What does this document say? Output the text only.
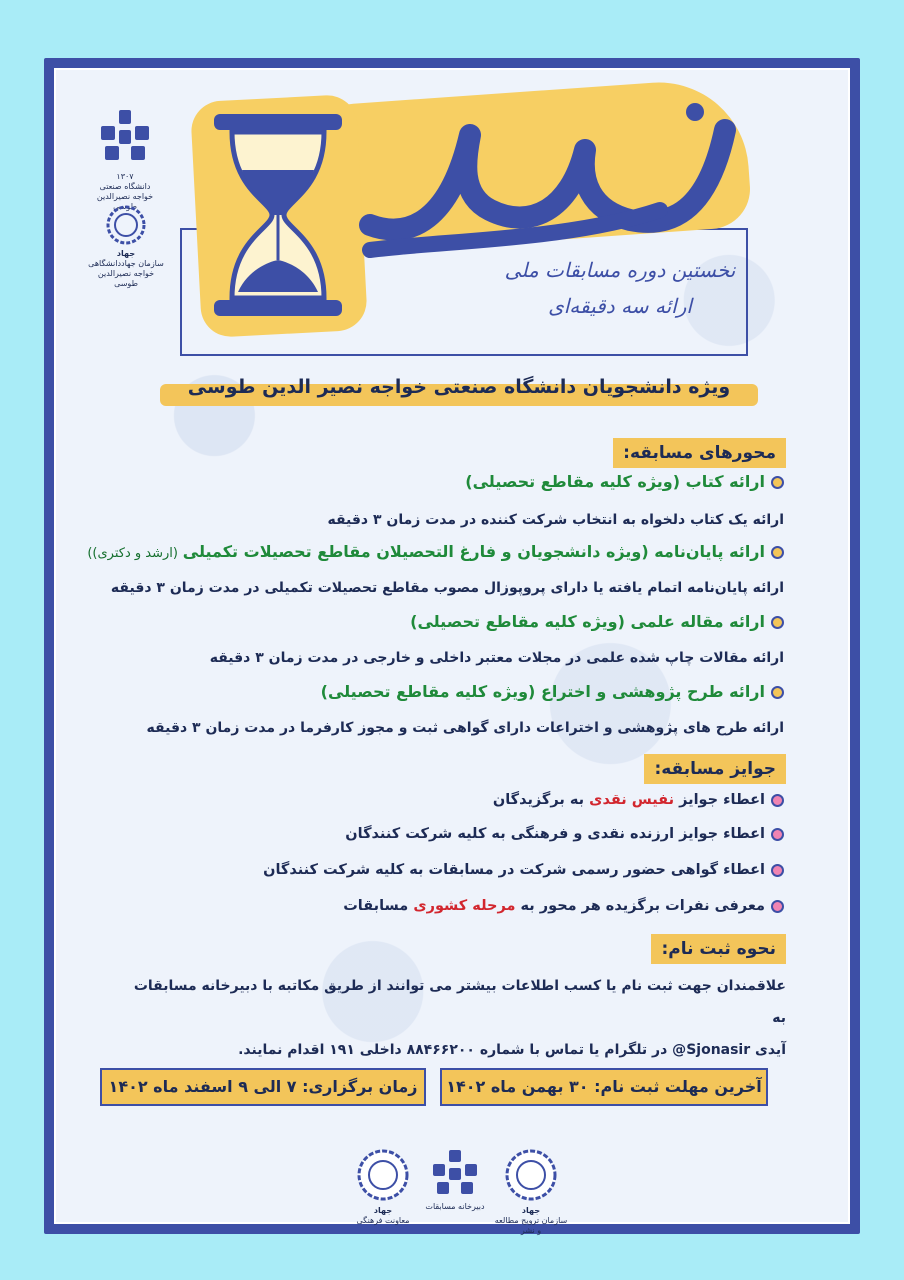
۱۳۰۷
دانشگاه صنعتی خواجه نصیرالدین طوسی
جهاد
سازمان جهاددانشگاهی خواجه نصیرالدین طوسی
نخستین دوره مسابقات ملی
ارائه سه دقیقه‌ای
ویژه دانشجویان دانشگاه صنعتی خواجه نصیر الدین طوسی
محورهای مسابقه:
ارائه کتاب (ویژه کلیه مقاطع تحصیلی)
ارائه یک کتاب دلخواه به انتخاب شرکت کننده در مدت زمان ۳ دقیقه
ارائه پایان‌نامه (ویژه دانشجویان و فارغ التحصیلان مقاطع تحصیلات تکمیلی (ارشد و دکتری))
ارائه پایان‌نامه اتمام یافته یا دارای پروپوزال مصوب مقاطع تحصیلات تکمیلی در مدت زمان ۳ دقیقه
ارائه مقاله علمی (ویژه کلیه مقاطع تحصیلی)
ارائه مقالات چاپ شده علمی در مجلات معتبر داخلی و خارجی در مدت زمان ۳ دقیقه
ارائه طرح پژوهشی و اختراع (ویژه کلیه مقاطع تحصیلی)
ارائه طرح های پژوهشی و اختراعات دارای گواهی ثبت و مجوز کارفرما در مدت زمان ۳ دقیقه
جوایز مسابقه:
اعطاء جوایز نفیس نقدی به برگزیدگان
اعطاء جوایز ارزنده نقدی و فرهنگی به کلیه شرکت کنندگان
اعطاء گواهی حضور رسمی شرکت در مسابقات به کلیه شرکت کنندگان
معرفی نفرات برگزیده هر محور به مرحله کشوری مسابقات
نحوه ثبت نام:
علاقمندان جهت ثبت نام یا کسب اطلاعات بیشتر می توانند از طریق مکاتبه با دبیرخانه مسابقات به
آیدی Sjonasir@ در تلگرام یا تماس با شماره ۸۸۴۶۶۲۰۰ داخلی ۱۹۱ اقدام نمایند.
آخرین مهلت ثبت نام: ۳۰ بهمن ماه ۱۴۰۲
زمان برگزاری: ۷ الی ۹ اسفند ماه ۱۴۰۲
جهاد
سازمان ترویج مطالعه و نشر
دبیرخانه مسابقات
جهاد
معاونت فرهنگی
